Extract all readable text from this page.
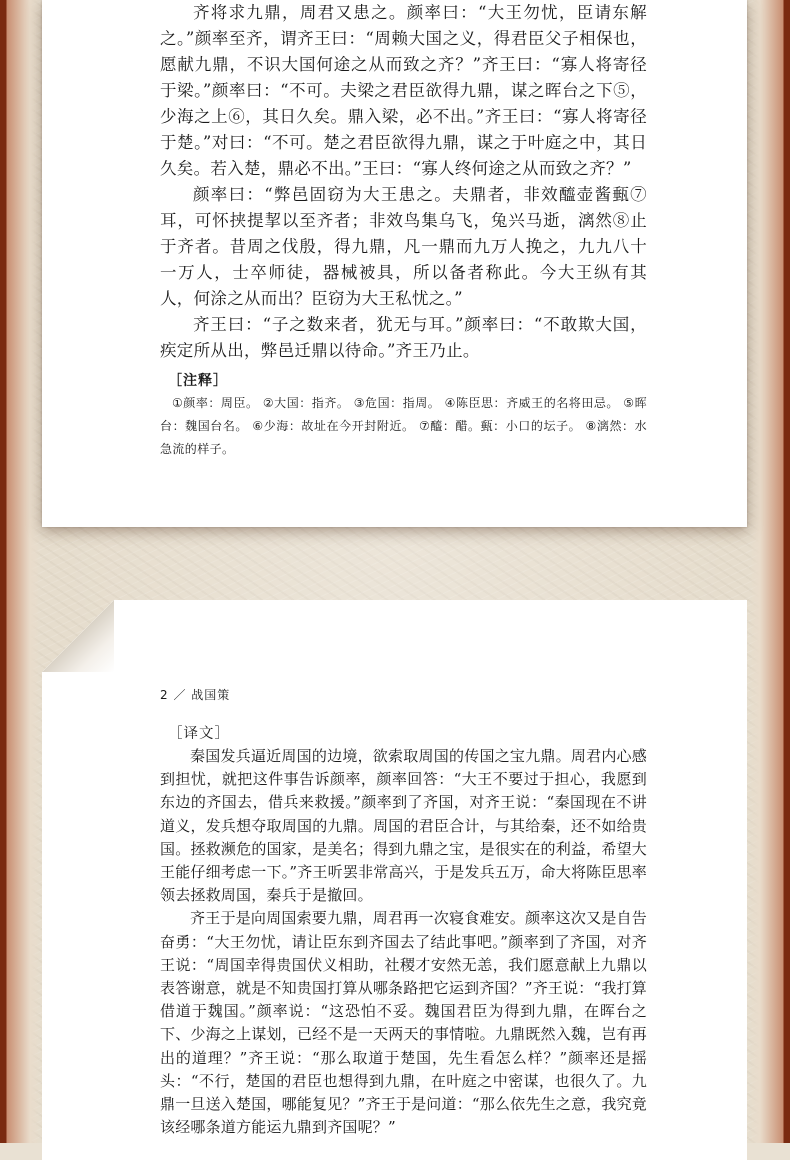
齐将求九鼎，周君又患之。颜率曰：“大王勿忧，臣请东解之。”颜率至齐，谓齐王曰：“周赖大国之义，得君臣父子相保也，愿献九鼎，不识大国何途之从而致之齐？”齐王曰：“寡人将寄径于梁。”颜率曰：“不可。夫梁之君臣欲得九鼎，谋之晖台之下⑤，少海之上⑥，其日久矣。鼎入梁，必不出。”齐王曰：“寡人将寄径于楚。”对曰：“不可。楚之君臣欲得九鼎，谋之于叶庭之中，其日久矣。若入楚，鼎必不出。”王曰：“寡人终何途之从而致之齐？”

颜率曰：“弊邑固窃为大王患之。夫鼎者，非效醯壶酱甀⑦耳，可怀挟提挈以至齐者；非效鸟集乌飞，兔兴马逝，漓然⑧止于齐者。昔周之伐殷，得九鼎，凡一鼎而九万人挽之，九九八十一万人，士卒师徒，器械被具，所以备者称此。今大王纵有其人，何涂之从而出？臣窃为大王私忧之。”

齐王曰：“子之数来者，犹无与耳。”颜率曰：“不敢欺大国，疾定所从出，弊邑迁鼎以待命。”齐王乃止。

［注释］

①颜率：周臣。 ②大国：指齐。 ③危国：指周。 ④陈臣思：齐威王的名将田忌。 ⑤晖台：魏国台名。 ⑥少海：故址在今开封附近。 ⑦醯：醋。甀：小口的坛子。 ⑧漓然：水急流的样子。

2 ／ 战国策
［译文］

秦国发兵逼近周国的边境，欲索取周国的传国之宝九鼎。周君内心感到担忧，就把这件事告诉颜率，颜率回答：“大王不要过于担心，我愿到东边的齐国去，借兵来救援。”颜率到了齐国，对齐王说：“秦国现在不讲道义，发兵想夺取周国的九鼎。周国的君臣合计，与其给秦，还不如给贵国。拯救濒危的国家，是美名；得到九鼎之宝，是很实在的利益，希望大王能仔细考虑一下。”齐王听罢非常高兴，于是发兵五万，命大将陈臣思率领去拯救周国，秦兵于是撤回。

齐王于是向周国索要九鼎，周君再一次寝食难安。颜率这次又是自告奋勇：“大王勿忧，请让臣东到齐国去了结此事吧。”颜率到了齐国，对齐王说：“周国幸得贵国伏义相助，社稷才安然无恙，我们愿意献上九鼎以表答谢意，就是不知贵国打算从哪条路把它运到齐国？”齐王说：“我打算借道于魏国。”颜率说：“这恐怕不妥。魏国君臣为得到九鼎，在晖台之下、少海之上谋划，已经不是一天两天的事情啦。九鼎既然入魏，岂有再出的道理？”齐王说：“那么取道于楚国，先生看怎么样？”颜率还是摇头：“不行，楚国的君臣也想得到九鼎，在叶庭之中密谋，也很久了。九鼎一旦送入楚国，哪能复见？”齐王于是问道：“那么依先生之意，我究竟该经哪条道方能运九鼎到齐国呢？”
